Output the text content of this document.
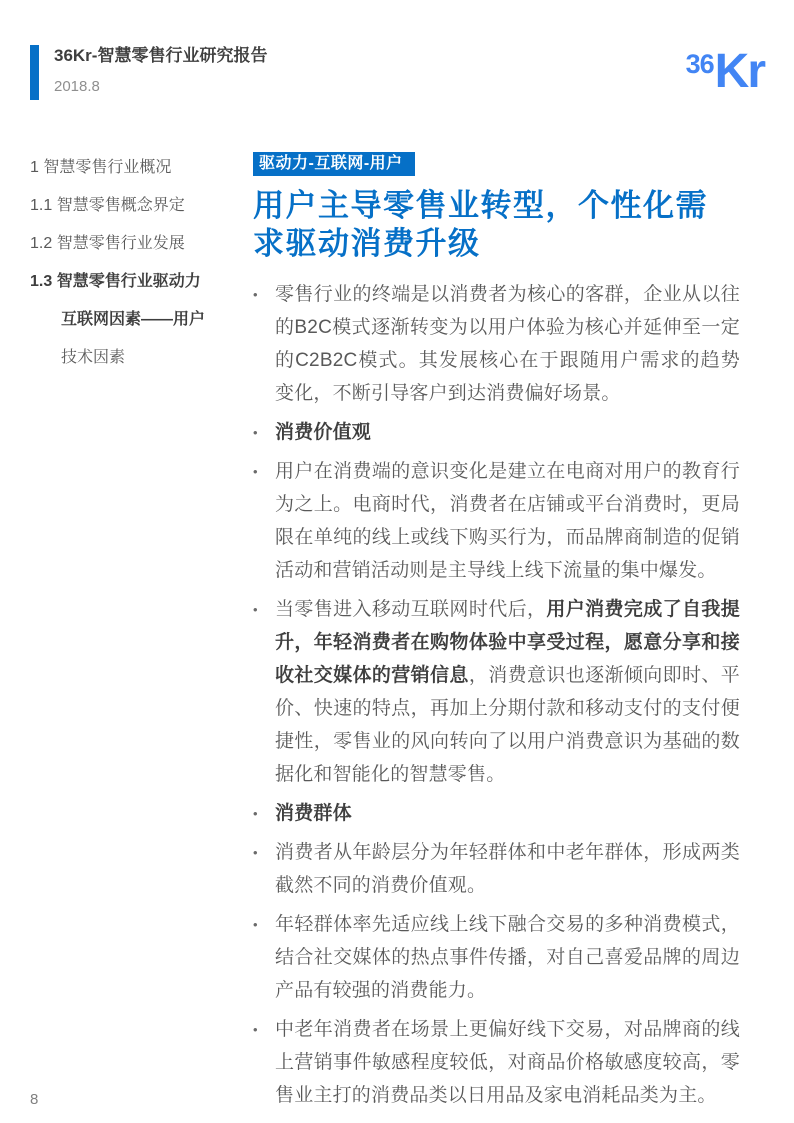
36Kr-智慧零售行业研究报告
2018.8
36 Kr
1 智慧零售行业概况
1.1 智慧零售概念界定
1.2 智慧零售行业发展
1.3 智慧零售行业驱动力
互联网因素——用户
技术因素
驱动力-互联网-用户
用户主导零售业转型，个性化需求驱动消费升级
• 零售行业的终端是以消费者为核心的客群，企业从以往的B2C模式逐渐转变为以用户体验为核心并延伸至一定的C2B2C模式。其发展核心在于跟随用户需求的趋势变化，不断引导客户到达消费偏好场景。

• 消费价值观

• 用户在消费端的意识变化是建立在电商对用户的教育行为之上。电商时代，消费者在店铺或平台消费时，更局限在单纯的线上或线下购买行为，而品牌商制造的促销活动和营销活动则是主导线上线下流量的集中爆发。

• 当零售进入移动互联网时代后，用户消费完成了自我提升，年轻消费者在购物体验中享受过程，愿意分享和接收社交媒体的营销信息，消费意识也逐渐倾向即时、平价、快速的特点，再加上分期付款和移动支付的支付便捷性，零售业的风向转向了以用户消费意识为基础的数据化和智能化的智慧零售。

• 消费群体

• 消费者从年龄层分为年轻群体和中老年群体，形成两类截然不同的消费价值观。

• 年轻群体率先适应线上线下融合交易的多种消费模式，结合社交媒体的热点事件传播，对自己喜爱品牌的周边产品有较强的消费能力。

• 中老年消费者在场景上更偏好线下交易，对品牌商的线上营销事件敏感程度较低，对商品价格敏感度较高，零售业主打的消费品类以日用品及家电消耗品类为主。

8
